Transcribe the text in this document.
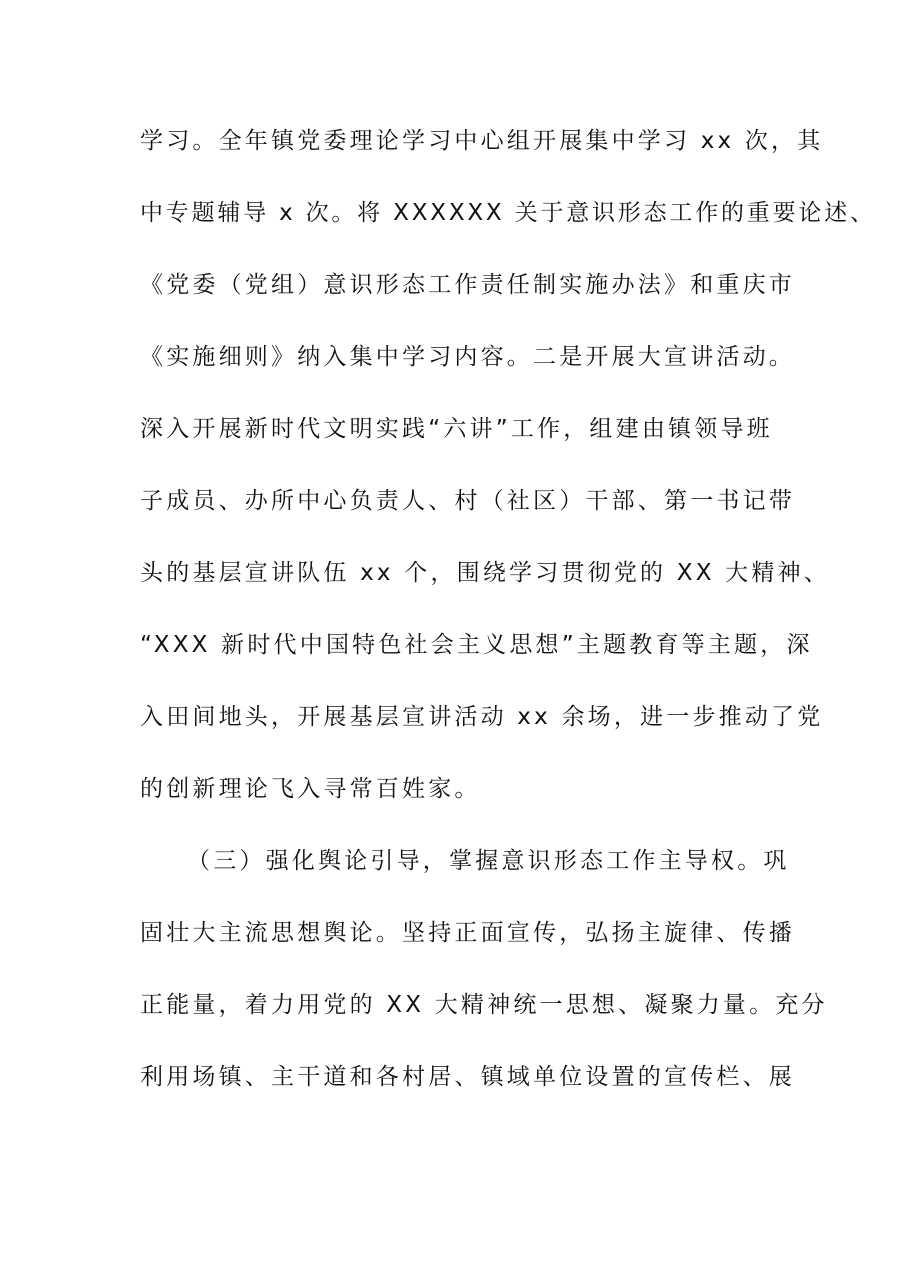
学习。全年镇党委理论学习中心组开展集中学习 xx 次，其
中专题辅导 x 次。将 XXXXXX 关于意识形态工作的重要论述、
《党委（党组）意识形态工作责任制实施办法》和重庆市
《实施细则》纳入集中学习内容。二是开展大宣讲活动。
深入开展新时代文明实践“六讲”工作，组建由镇领导班
子成员、办所中心负责人、村（社区）干部、第一书记带
头的基层宣讲队伍 xx 个，围绕学习贯彻党的 XX 大精神、
“XXX 新时代中国特色社会主义思想”主题教育等主题，深
入田间地头，开展基层宣讲活动 xx 余场，进一步推动了党
的创新理论飞入寻常百姓家。
（三）强化舆论引导，掌握意识形态工作主导权。巩
固壮大主流思想舆论。坚持正面宣传，弘扬主旋律、传播
正能量，着力用党的 XX 大精神统一思想、凝聚力量。充分
利用场镇、主干道和各村居、镇域单位设置的宣传栏、展
